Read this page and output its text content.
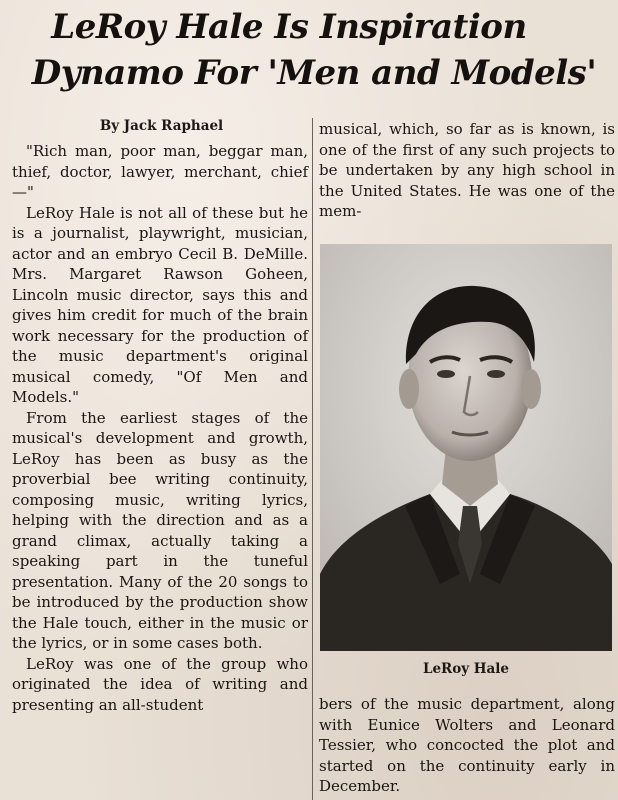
LeRoy Hale Is Inspiration
Dynamo For 'Men and Models'
By Jack Raphael

"Rich man, poor man, beggar man, thief, doctor, lawyer, merchant, chief—"

LeRoy Hale is not all of these but he is a journalist, playwright, musician, actor and an embryo Cecil B. DeMille. Mrs. Margaret Rawson Goheen, Lincoln music director, says this and gives him credit for much of the brain work necessary for the production of the music department's original musical comedy, "Of Men and Models."

From the earliest stages of the musical's development and growth, LeRoy has been as busy as the proverbial bee writing continuity, composing music, writing lyrics, helping with the direction and as a grand climax, actually taking a speaking part in the tuneful presentation. Many of the 20 songs to be introduced by the production show the Hale touch, either in the music or the lyrics, or in some cases both.

LeRoy was one of the group who originated the idea of writing and presenting an all-student

musical, which, so far as is known, is one of the first of any such projects to be undertaken by any high school in the United States. He was one of the mem-

LeRoy Hale

bers of the music department, along with Eunice Wolters and Leonard Tessier, who concocted the plot and started on the continuity early in December.
